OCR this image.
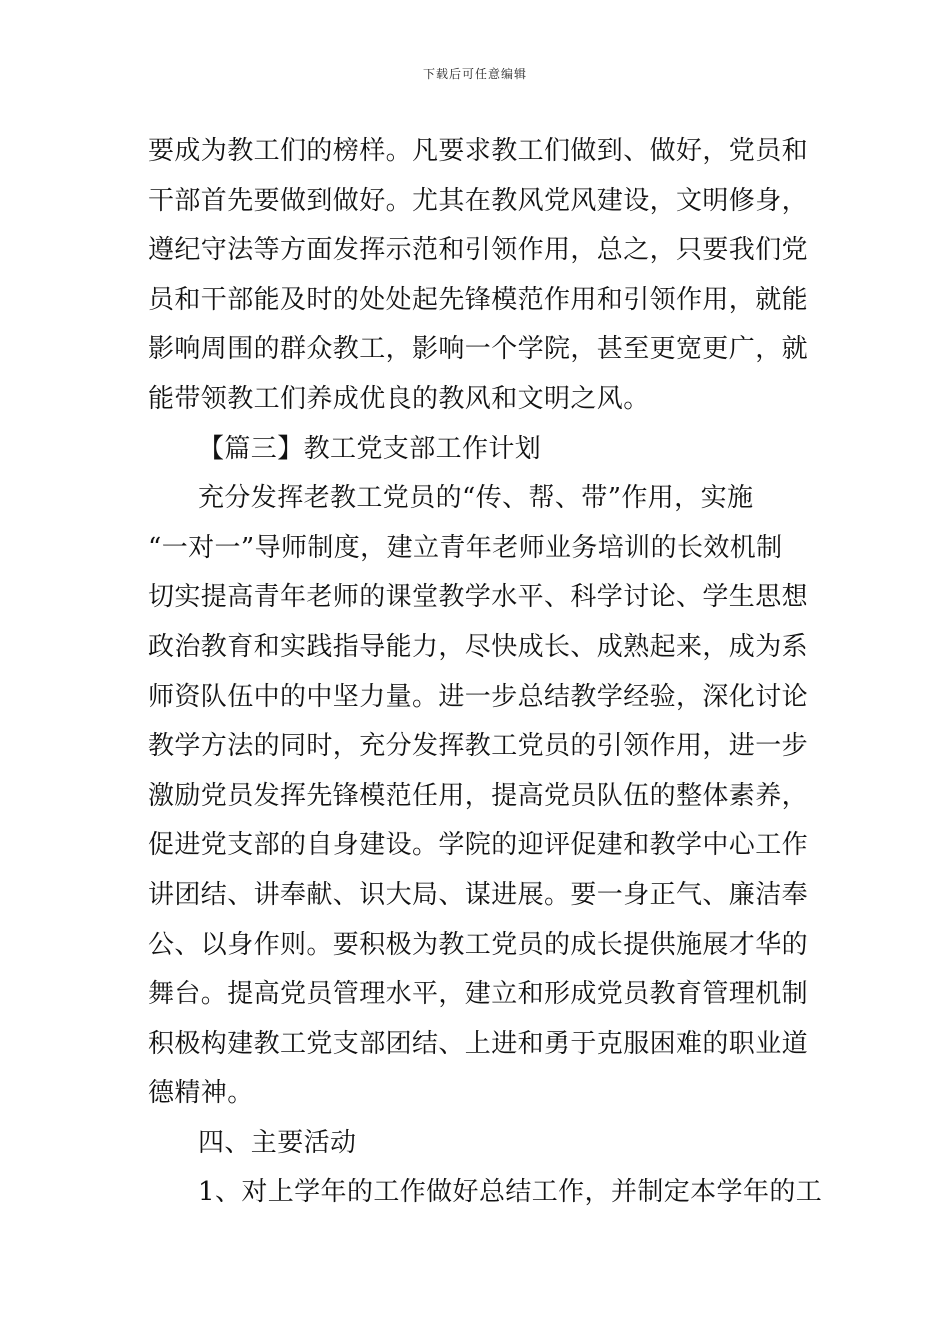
下载后可任意编辑
要成为教工们的榜样。凡要求教工们做到、做好，党员和
干部首先要做到做好。尤其在教风党风建设，文明修身，
遵纪守法等方面发挥示范和引领作用，总之，只要我们党
员和干部能及时的处处起先锋模范作用和引领作用，就能
影响周围的群众教工，影响一个学院，甚至更宽更广，就
能带领教工们养成优良的教风和文明之风。
【篇三】教工党支部工作计划
充分发挥老教工党员的“传、帮、带”作用，实施
“一对一”导师制度，建立青年老师业务培训的长效机制
切实提高青年老师的课堂教学水平、科学讨论、学生思想
政治教育和实践指导能力，尽快成长、成熟起来，成为系
师资队伍中的中坚力量。进一步总结教学经验，深化讨论
教学方法的同时，充分发挥教工党员的引领作用，进一步
激励党员发挥先锋模范任用，提高党员队伍的整体素养，
促进党支部的自身建设。学院的迎评促建和教学中心工作
讲团结、讲奉献、识大局、谋进展。要一身正气、廉洁奉
公、以身作则。要积极为教工党员的成长提供施展才华的
舞台。提高党员管理水平，建立和形成党员教育管理机制
积极构建教工党支部团结、上进和勇于克服困难的职业道
德精神。
四、主要活动
1、对上学年的工作做好总结工作，并制定本学年的工
